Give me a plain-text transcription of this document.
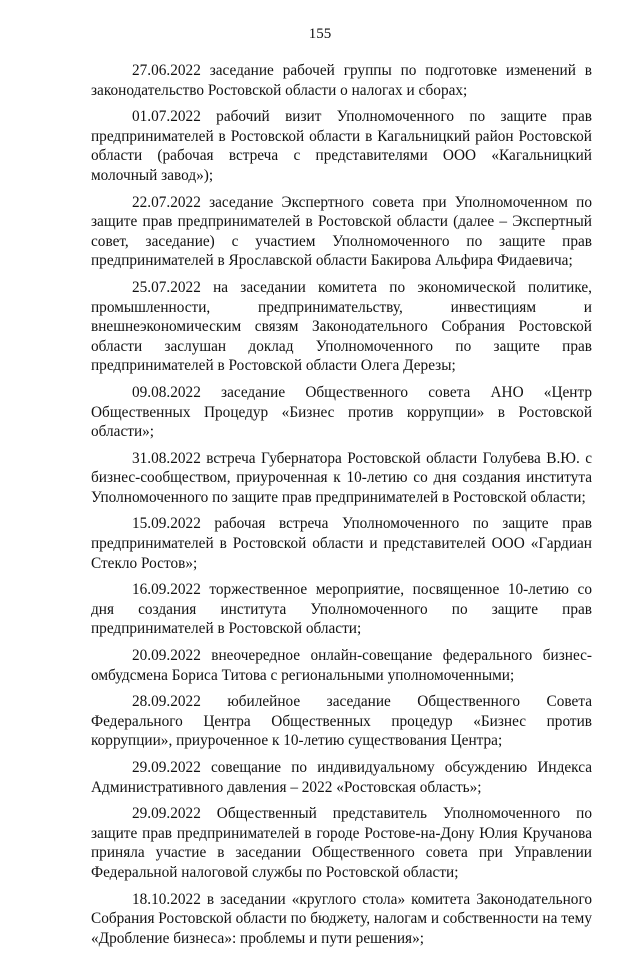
155

27.06.2022 заседание рабочей группы по подготовке изменений в законодательство Ростовской области о налогах и сборах;

01.07.2022 рабочий визит Уполномоченного по защите прав предпринимателей в Ростовской области в Кагальницкий район Ростовской области (рабочая встреча с представителями ООО «Кагальницкий молочный завод»);

22.07.2022 заседание Экспертного совета при Уполномоченном по защите прав предпринимателей в Ростовской области (далее – Экспертный совет, заседание) с участием Уполномоченного по защите прав предпринимателей в Ярославской области Бакирова Альфира Фидаевича;

25.07.2022 на заседании комитета по экономической политике, промышленности, предпринимательству, инвестициям и внешнеэкономическим связям Законодательного Собрания Ростовской области заслушан доклад Уполномоченного по защите прав предпринимателей в Ростовской области Олега Дерезы;

09.08.2022 заседание Общественного совета АНО «Центр Общественных Процедур «Бизнес против коррупции» в Ростовской области»;

31.08.2022 встреча Губернатора Ростовской области Голубева В.Ю. с бизнес-сообществом, приуроченная к 10-летию со дня создания института Уполномоченного по защите прав предпринимателей в Ростовской области;

15.09.2022 рабочая встреча Уполномоченного по защите прав предпринимателей в Ростовской области и представителей ООО «Гардиан Стекло Ростов»;

16.09.2022 торжественное мероприятие, посвященное 10-летию со дня создания института Уполномоченного по защите прав предпринимателей в Ростовской области;

20.09.2022 внеочередное онлайн-совещание федерального бизнес-омбудсмена Бориса Титова с региональными уполномоченными;

28.09.2022 юбилейное заседание Общественного Совета Федерального Центра Общественных процедур «Бизнес против коррупции», приуроченное к 10-летию существования Центра;

29.09.2022 совещание по индивидуальному обсуждению Индекса Административного давления – 2022 «Ростовская область»;

29.09.2022 Общественный представитель Уполномоченного по защите прав предпринимателей в городе Ростове-на-Дону Юлия Кручанова приняла участие в заседании Общественного совета при Управлении Федеральной налоговой службы по Ростовской области;

18.10.2022 в заседании «круглого стола» комитета Законодательного Собрания Ростовской области по бюджету, налогам и собственности на тему «Дробление бизнеса»: проблемы и пути решения»;
